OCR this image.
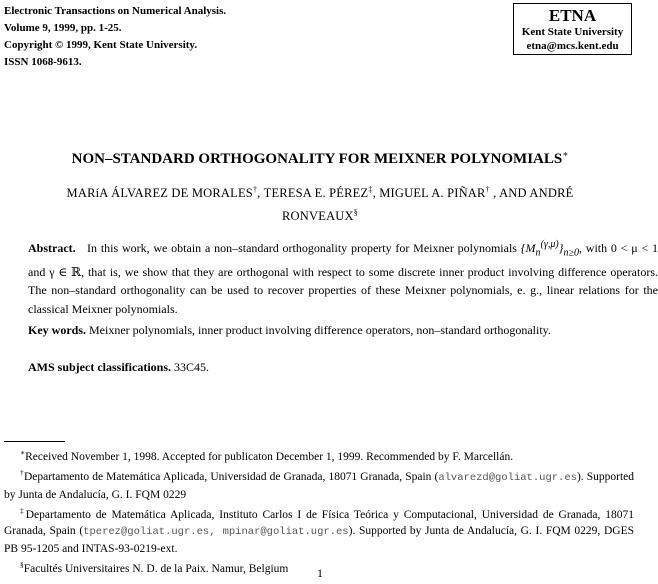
Electronic Transactions on Numerical Analysis.
Volume 9, 1999, pp. 1-25.
Copyright © 1999, Kent State University.
ISSN 1068-9613.
ETNA
Kent State University
etna@mcs.kent.edu
NON–STANDARD ORTHOGONALITY FOR MEIXNER POLYNOMIALS∗
MARíA ÁLVAREZ DE MORALES†, TERESA E. PÉREZ‡, MIGUEL A. PIÑAR† , AND ANDRÉ RONVEAUX§
Abstract. In this work, we obtain a non–standard orthogonality property for Meixner polynomials $\{M_n^{(\gamma,\mu)}\}_{n\ge 0}$, with 0 < μ < 1 and γ ∈ ℝ, that is, we show that they are orthogonal with respect to some discrete inner product involving difference operators. The non–standard orthogonality can be used to recover properties of these Meixner polynomials, e. g., linear relations for the classical Meixner polynomials.
Key words. Meixner polynomials, inner product involving difference operators, non–standard orthogonality.
AMS subject classifications. 33C45.
∗Received November 1, 1998. Accepted for publicaton December 1, 1999. Recommended by F. Marcellán.
†Departamento de Matemática Aplicada, Universidad de Granada, 18071 Granada, Spain (alvarezd@goliat.ugr.es). Supported by Junta de Andalucía, G. I. FQM 0229
‡Departamento de Matemática Aplicada, Instituto Carlos I de Física Teórica y Computacional, Universidad de Granada, 18071 Granada, Spain (tperez@goliat.ugr.es, mpinar@goliat.ugr.es). Supported by Junta de Andalucía, G. I. FQM 0229, DGES PB 95-1205 and INTAS-93-0219-ext.
§Facultés Universitaires N. D. de la Paix. Namur, Belgium	1
